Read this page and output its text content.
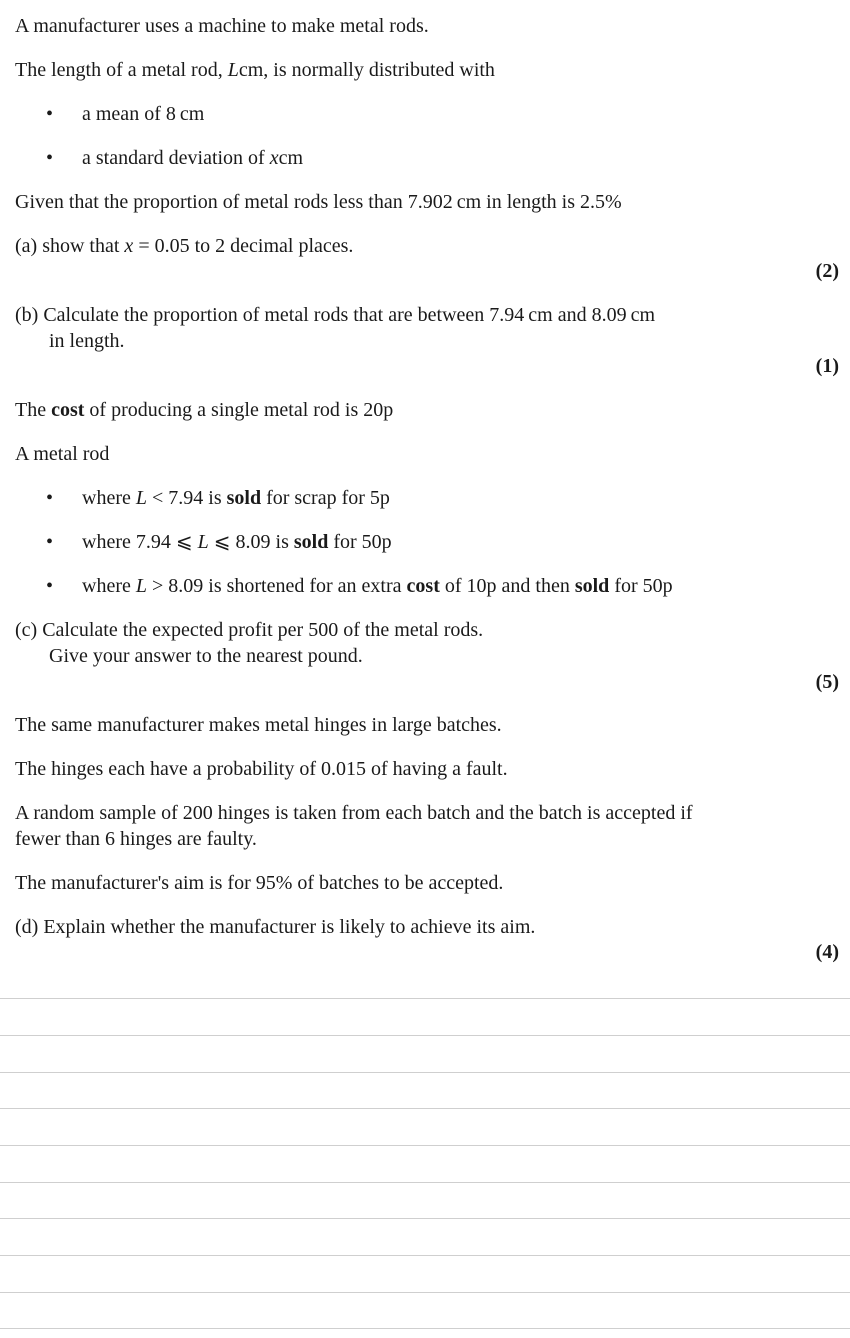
A manufacturer uses a machine to make metal rods.
The length of a metal rod, Lcm, is normally distributed with
• a mean of 8 cm
• a standard deviation of xcm
Given that the proportion of metal rods less than 7.902 cm in length is 2.5%
(a) show that x = 0.05 to 2 decimal places.
(2)
(b) Calculate the proportion of metal rods that are between 7.94 cm and 8.09 cm
in length.
(1)
The cost of producing a single metal rod is 20p
A metal rod
• where L < 7.94 is sold for scrap for 5p
• where 7.94 ⩽ L ⩽ 8.09 is sold for 50p
• where L > 8.09 is shortened for an extra cost of 10p and then sold for 50p
(c) Calculate the expected profit per 500 of the metal rods.
Give your answer to the nearest pound.
(5)
The same manufacturer makes metal hinges in large batches.
The hinges each have a probability of 0.015 of having a fault.
A random sample of 200 hinges is taken from each batch and the batch is accepted if
fewer than 6 hinges are faulty.
The manufacturer's aim is for 95% of batches to be accepted.
(d) Explain whether the manufacturer is likely to achieve its aim.
(4)
